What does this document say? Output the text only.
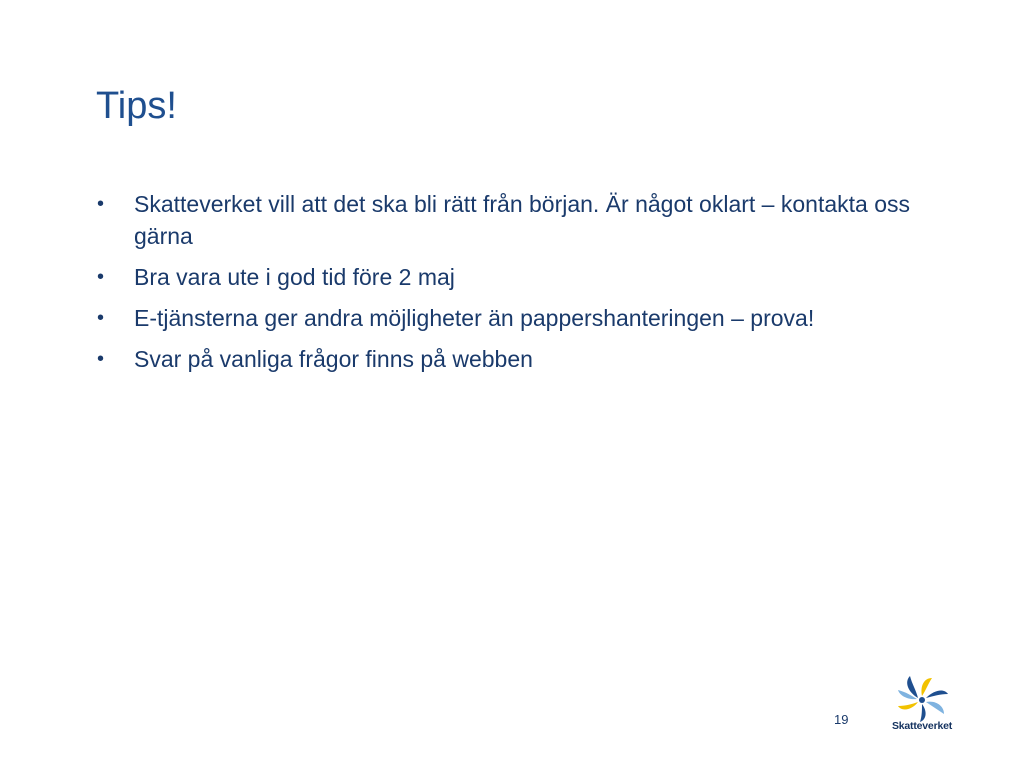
Tips!
•	Skatteverket vill att det ska bli rätt från början. Är något oklart – kontakta oss gärna
•	Bra vara ute i god tid före 2 maj
•	E-tjänsterna ger andra möjligheter än pappershanteringen – prova!
•	Svar på vanliga frågor finns på webben
19	Skatteverket
